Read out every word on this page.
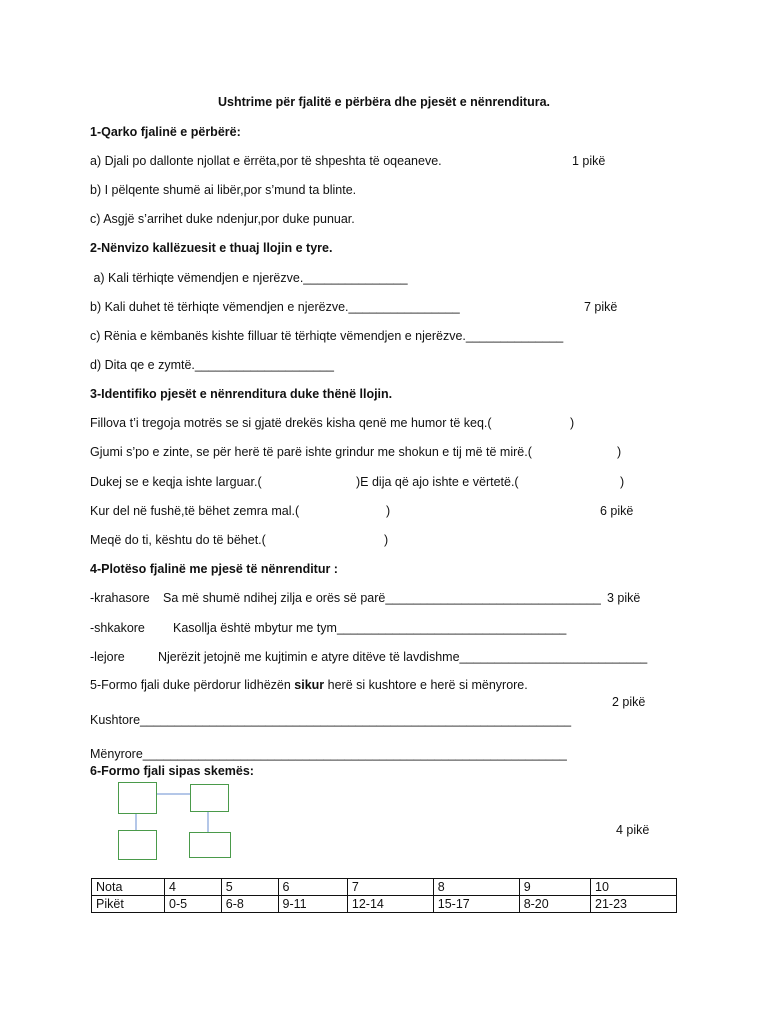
Ushtrime për fjalitë e përbëra dhe pjesët e nënrenditura.
1-Qarko fjalinë e përbërë:
a) Djali po dallonte njollat e ërrëta,por të shpeshta të oqeaneve.	1 pikë
b) I pëlqente shumë ai libër,por s’mund ta blinte.
c) Asgjë s’arrihet duke ndenjur,por duke punuar.
2-Nënvizo kallëzuesit e thuaj llojin e tyre.
a) Kali tërhiqte vëmendjen e njerëzve._______________
b) Kali duhet të tërhiqte vëmendjen e njerëzve.________________	7 pikë
c) Rënia e këmbanës kishte filluar të tërhiqte vëmendjen e njerëzve.______________
d) Dita qe e zymtë.____________________
3-Identifiko pjesët e nënrenditura duke thënë llojin.
Fillova t’i tregoja motrës se si gjatë drekës kisha qenë me humor të keq.(	)
Gjumi s’po e zinte, se për herë të parë ishte grindur me shokun e tij më të mirë.(	)
Dukej se e keqja ishte larguar.(	)E dija që ajo ishte e vërtetë.(	)
Kur del në fushë,të bëhet zemra mal.(	)	6 pikë
Meqë do ti, kështu do të bëhet.(	)
4-Plotëso fjalinë me pjesë të nënrenditur :
-krahasore Sa më shumë ndihej zilja e orës së parë_______________________________ 3 pikë
-shkakore Kasollja është mbytur me tym_________________________________
-lejore	Njerëzit jetojnë me kujtimin e atyre ditëve të lavdishme___________________________
5-Formo fjali duke përdorur lidhëzën sikur herë si kushtore e herë si mënyrore.
2 pikë
Kushtore______________________________________________________________
Mënyrore_____________________________________________________________
6-Formo fjali sipas skemës:
4 pikë
Nota	4	5	6	7	8	9	10
Pikët	0-5	6-8	9-11	12-14	15-17	8-20	21-23
